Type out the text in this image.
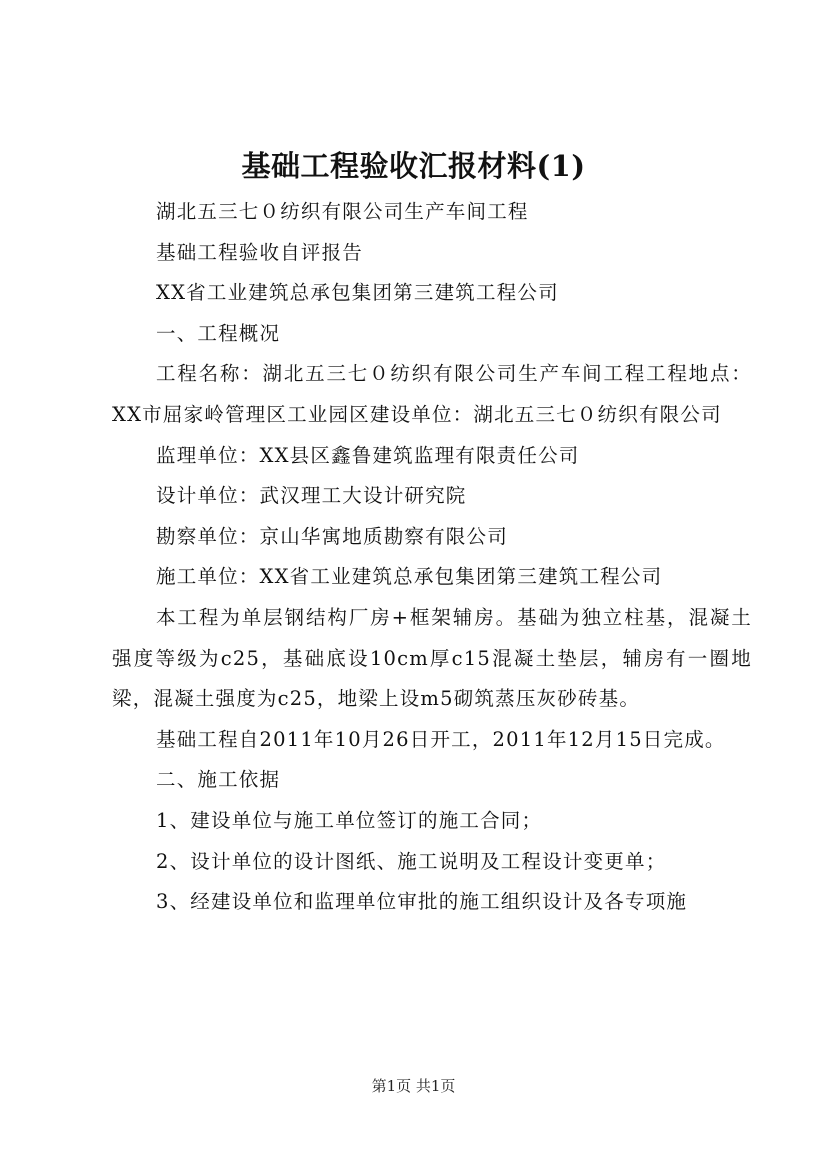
基础工程验收汇报材料(1)

湖北五三七０纺织有限公司生产车间工程

基础工程验收自评报告

XX省工业建筑总承包集团第三建筑工程公司

一、工程概况

工程名称：湖北五三七０纺织有限公司生产车间工程工程地点：XX市屈家岭管理区工业园区建设单位：湖北五三七０纺织有限公司

监理单位：XX县区鑫鲁建筑监理有限责任公司

设计单位：武汉理工大设计研究院

勘察单位：京山华寓地质勘察有限公司

施工单位：XX省工业建筑总承包集团第三建筑工程公司

本工程为单层钢结构厂房+框架辅房。基础为独立柱基，混凝土强度等级为c25，基础底设10cm厚c15混凝土垫层，辅房有一圈地梁，混凝土强度为c25，地梁上设m5砌筑蒸压灰砂砖基。

基础工程自2011年10月26日开工，2011年12月15日完成。

二、施工依据

1、建设单位与施工单位签订的施工合同；

2、设计单位的设计图纸、施工说明及工程设计变更单；

3、经建设单位和监理单位审批的施工组织设计及各专项施

第1页 共1页
